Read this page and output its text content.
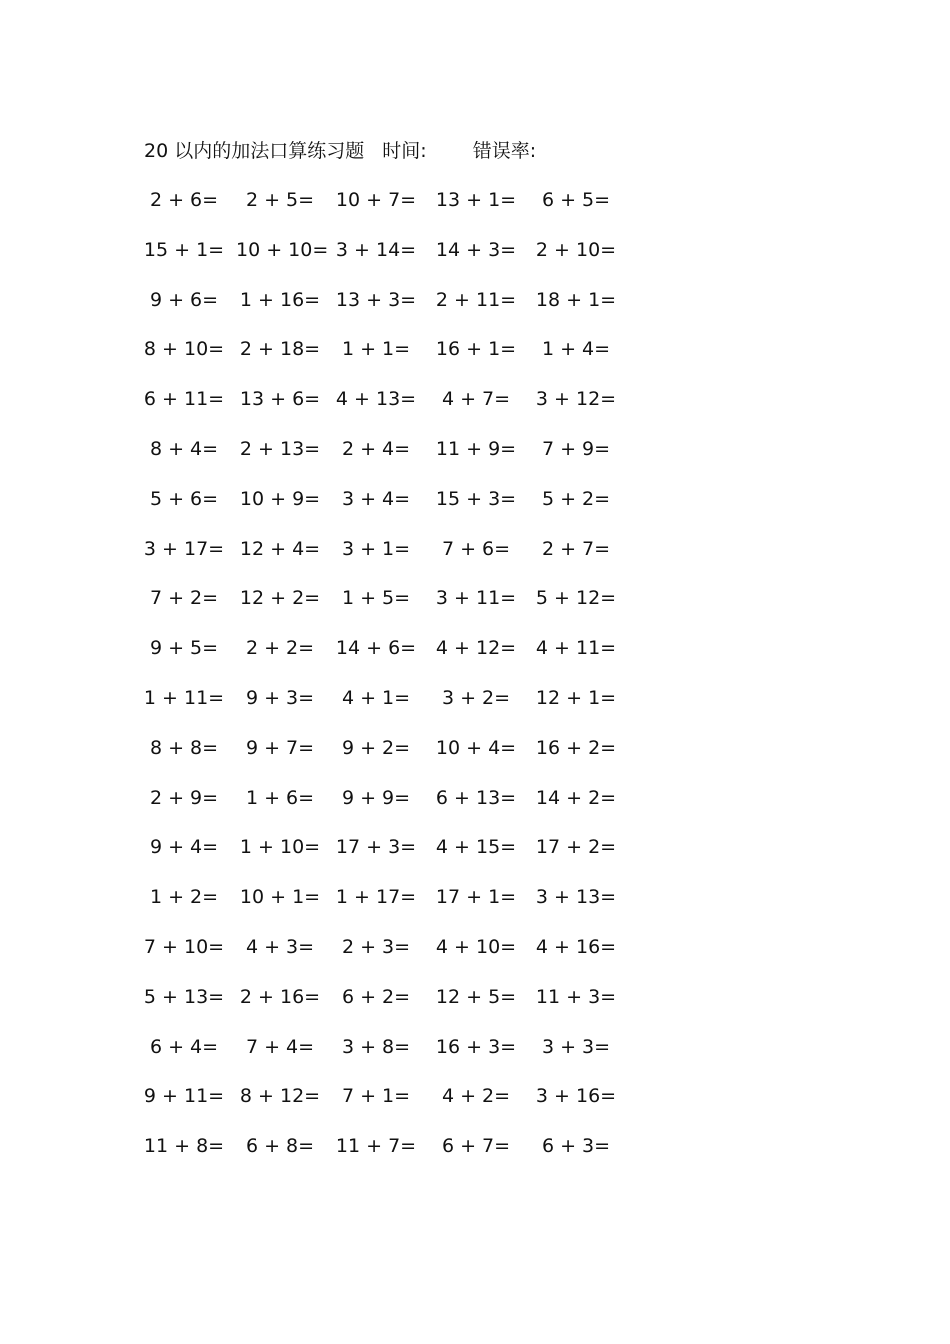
20 以内的加法口算练习题 时间: 错误率:
2 + 6=	2 + 5=	10 + 7=	13 + 1=	6 + 5=
15 + 1= 10 + 10= 3 + 14=	14 + 3=	2 + 10=
9 + 6=	1 + 16= 13 + 3=	2 + 11=	18 + 1=
8 + 10= 2 + 18=	1 + 1=	16 + 1=	1 + 4=
6 + 11= 13 + 6= 4 + 13=	4 + 7=	3 + 12=
8 + 4=	2 + 13=	2 + 4=	11 + 9=	7 + 9=
5 + 6=	10 + 9=	3 + 4=	15 + 3=	5 + 2=
3 + 17= 12 + 4=	3 + 1=	7 + 6=	2 + 7=
7 + 2=	12 + 2=	1 + 5=	3 + 11=	5 + 12=
9 + 5=	2 + 2=	14 + 6=	4 + 12=	4 + 11=
1 + 11=	9 + 3=	4 + 1=	3 + 2=	12 + 1=
8 + 8=	9 + 7=	9 + 2=	10 + 4=	16 + 2=
2 + 9=	1 + 6=	9 + 9=	6 + 13=	14 + 2=
9 + 4=	1 + 10= 17 + 3=	4 + 15=	17 + 2=
1 + 2=	10 + 1= 1 + 17=	17 + 1=	3 + 13=
7 + 10=	4 + 3=	2 + 3=	4 + 10=	4 + 16=
5 + 13= 2 + 16=	6 + 2=	12 + 5=	11 + 3=
6 + 4=	7 + 4=	3 + 8=	16 + 3=	3 + 3=
9 + 11= 8 + 12=	7 + 1=	4 + 2=	3 + 16=
11 + 8=	6 + 8=	11 + 7=	6 + 7=	6 + 3=
